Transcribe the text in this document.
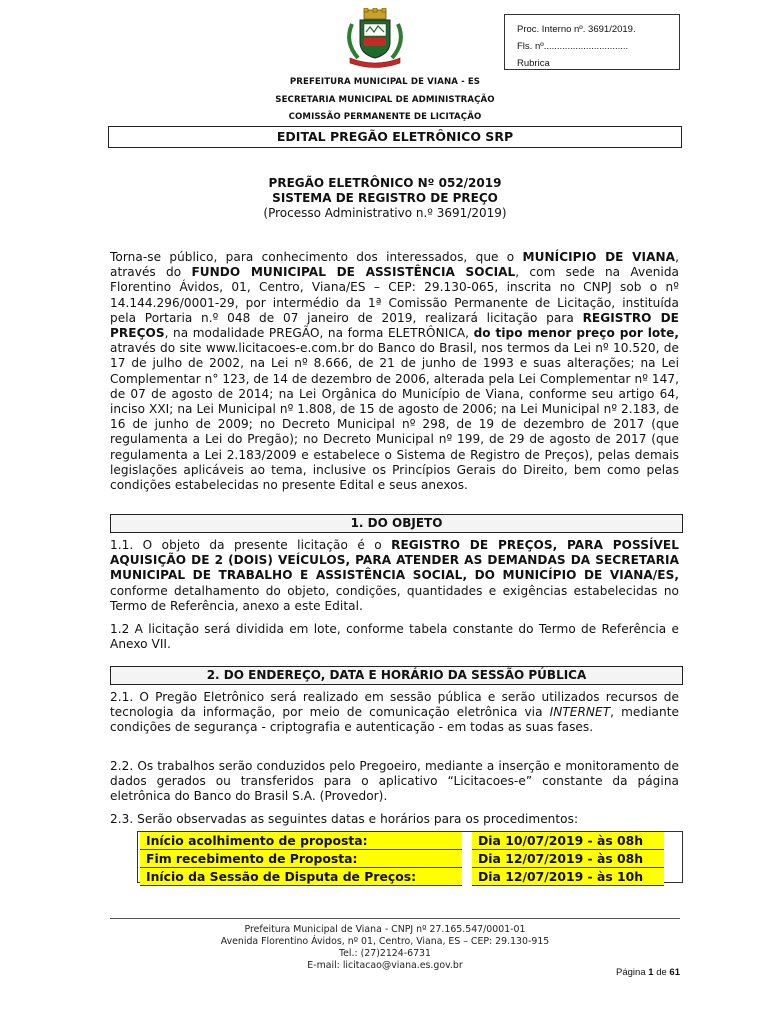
Proc. Interno nº. 3691/2019.
Fls. nº................................
Rubrica
PREFEITURA MUNICIPAL DE VIANA - ES
SECRETARIA MUNICIPAL DE ADMINISTRAÇÃO
COMISSÃO PERMANENTE DE LICITAÇÃO
EDITAL PREGÃO ELETRÔNICO SRP
PREGÃO ELETRÔNICO Nº 052/2019
SISTEMA DE REGISTRO DE PREÇO
(Processo Administrativo n.º 3691/2019)
Torna-se público, para conhecimento dos interessados, que o MUNÍCIPIO DE VIANA, através do FUNDO MUNICIPAL DE ASSISTÊNCIA SOCIAL, com sede na Avenida Florentino Ávidos, 01, Centro, Viana/ES – CEP: 29.130-065, inscrita no CNPJ sob o nº 14.144.296/0001-29, por intermédio da 1ª Comissão Permanente de Licitação, instituída pela Portaria n.º 048 de 07 janeiro de 2019, realizará licitação para REGISTRO DE PREÇOS, na modalidade PREGÃO, na forma ELETRÔNICA, do tipo menor preço por lote, através do site www.licitacoes-e.com.br do Banco do Brasil, nos termos da Lei nº 10.520, de 17 de julho de 2002, na Lei nº 8.666, de 21 de junho de 1993 e suas alterações; na Lei Complementar n° 123, de 14 de dezembro de 2006, alterada pela Lei Complementar nº 147, de 07 de agosto de 2014; na Lei Orgânica do Município de Viana, conforme seu artigo 64, inciso XXI; na Lei Municipal nº 1.808, de 15 de agosto de 2006; na Lei Municipal nº 2.183, de 16 de junho de 2009; no Decreto Municipal nº 298, de 19 de dezembro de 2017 (que regulamenta a Lei do Pregão); no Decreto Municipal nº 199, de 29 de agosto de 2017 (que regulamenta a Lei 2.183/2009 e estabelece o Sistema de Registro de Preços), pelas demais legislações aplicáveis ao tema, inclusive os Princípios Gerais do Direito, bem como pelas condições estabelecidas no presente Edital e seus anexos.
1. DO OBJETO
1.1. O objeto da presente licitação é o REGISTRO DE PREÇOS, PARA POSSÍVEL AQUISIÇÃO DE 2 (DOIS) VEÍCULOS, PARA ATENDER AS DEMANDAS DA SECRETARIA MUNICIPAL DE TRABALHO E ASSISTÊNCIA SOCIAL, DO MUNICÍPIO DE VIANA/ES, conforme detalhamento do objeto, condições, quantidades e exigências estabelecidas no Termo de Referência, anexo a este Edital.
1.2 A licitação será dividida em lote, conforme tabela constante do Termo de Referência e Anexo VII.
2. DO ENDEREÇO, DATA E HORÁRIO DA SESSÃO PÚBLICA
2.1. O Pregão Eletrônico será realizado em sessão pública e serão utilizados recursos de tecnologia da informação, por meio de comunicação eletrônica via INTERNET, mediante condições de segurança - criptografia e autenticação - em todas as suas fases.
2.2. Os trabalhos serão conduzidos pelo Pregoeiro, mediante a inserção e monitoramento de dados gerados ou transferidos para o aplicativo “Licitacoes-e” constante da página eletrônica do Banco do Brasil S.A. (Provedor).
2.3. Serão observadas as seguintes datas e horários para os procedimentos:
Início acolhimento de proposta:	Dia 10/07/2019 - às 08h
Fim recebimento de Proposta:	Dia 12/07/2019 - às 08h
Início da Sessão de Disputa de Preços:	Dia 12/07/2019 - às 10h
Prefeitura Municipal de Viana - CNPJ nº 27.165.547/0001-01
Avenida Florentino Ávidos, nº 01, Centro, Viana, ES – CEP: 29.130-915
Tel.: (27)2124-6731
E-mail: licitacao@viana.es.gov.br
Página 1 de 61
